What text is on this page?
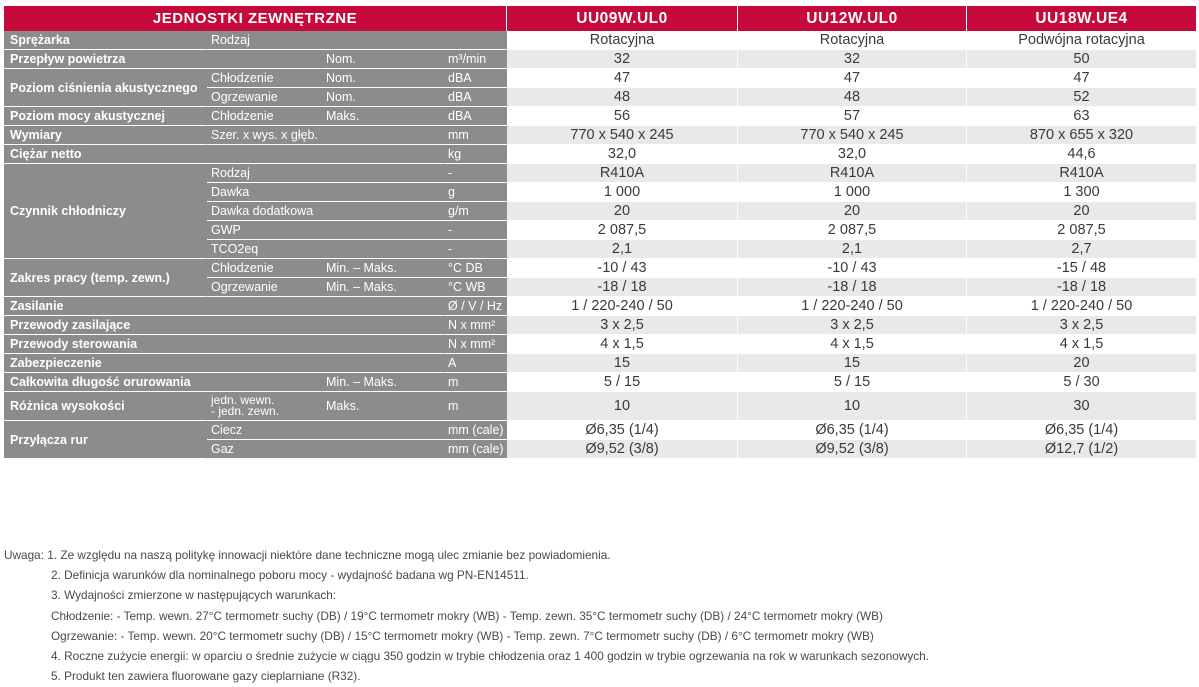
JEDNOSTKI ZEWNĘTRZNE				UU09W.UL0	UU12W.UL0	UU18W.UE4
Sprężarka	Rodzaj			Rotacyjna	Rotacyjna	Podwójna rotacyjna
Przepływ powietrza		Nom.	m³/min	32	32	50
Poziom ciśnienia akustycznego	Chłodzenie	Nom.	dBA	47	47	47
	Ogrzewanie	Nom.	dBA	48	48	52
Poziom mocy akustycznej	Chłodzenie	Maks.	dBA	56	57	63
Wymiary	Szer. x wys. x głęb.		mm	770 x 540 x 245	770 x 540 x 245	870 x 655 x 320
Ciężar netto			kg	32,0	32,0	44,6
Czynnik chłodniczy	Rodzaj		-	R410A	R410A	R410A
	Dawka		g	1 000	1 000	1 300
	Dawka dodatkowa		g/m	20	20	20
	GWP		-	2 087,5	2 087,5	2 087,5
	TCO2eq		-	2,1	2,1	2,7
Zakres pracy (temp. zewn.)	Chłodzenie	Min. – Maks.	°C DB	-10 / 43	-10 / 43	-15 / 48
	Ogrzewanie	Min. – Maks.	°C WB	-18 / 18	-18 / 18	-18 / 18
Zasilanie			Ø / V / Hz	1 / 220-240 / 50	1 / 220-240 / 50	1 / 220-240 / 50
Przewody zasilające			N x mm²	3 x 2,5	3 x 2,5	3 x 2,5
Przewody sterowania			N x mm²	4 x 1,5	4 x 1,5	4 x 1,5
Zabezpieczenie			A	15	15	20
Całkowita długość orurowania		Min. – Maks.	m	5 / 15	5 / 15	5 / 30
Różnica wysokości	jedn. wewn.
- jedn. zewn.	Maks.	m	10	10	30
Przyłącza rur	Ciecz		mm (cale)	Ø6,35 (1/4)	Ø6,35 (1/4)	Ø6,35 (1/4)
	Gaz		mm (cale)	Ø9,52 (3/8)	Ø9,52 (3/8)	Ø12,7 (1/2)
Uwaga: 1. Ze względu na naszą politykę innowacji niektóre dane techniczne mogą ulec zmianie bez powiadomienia.
2. Definicja warunków dla nominalnego poboru mocy - wydajność badana wg PN-EN14511.
3. Wydajności zmierzone w następujących warunkach:
Chłodzenie: - Temp. wewn. 27°C termometr suchy (DB) / 19°C termometr mokry (WB) - Temp. zewn. 35°C termometr suchy (DB) / 24°C termometr mokry (WB)
Ogrzewanie: - Temp. wewn. 20°C termometr suchy (DB) / 15°C termometr mokry (WB) - Temp. zewn. 7°C termometr suchy (DB) / 6°C termometr mokry (WB)
4. Roczne zużycie energii: w oparciu o średnie zużycie w ciągu 350 godzin w trybie chłodzenia oraz 1 400 godzin w trybie ogrzewania na rok w warunkach sezonowych.
5. Produkt ten zawiera fluorowane gazy cieplarniane (R32).
